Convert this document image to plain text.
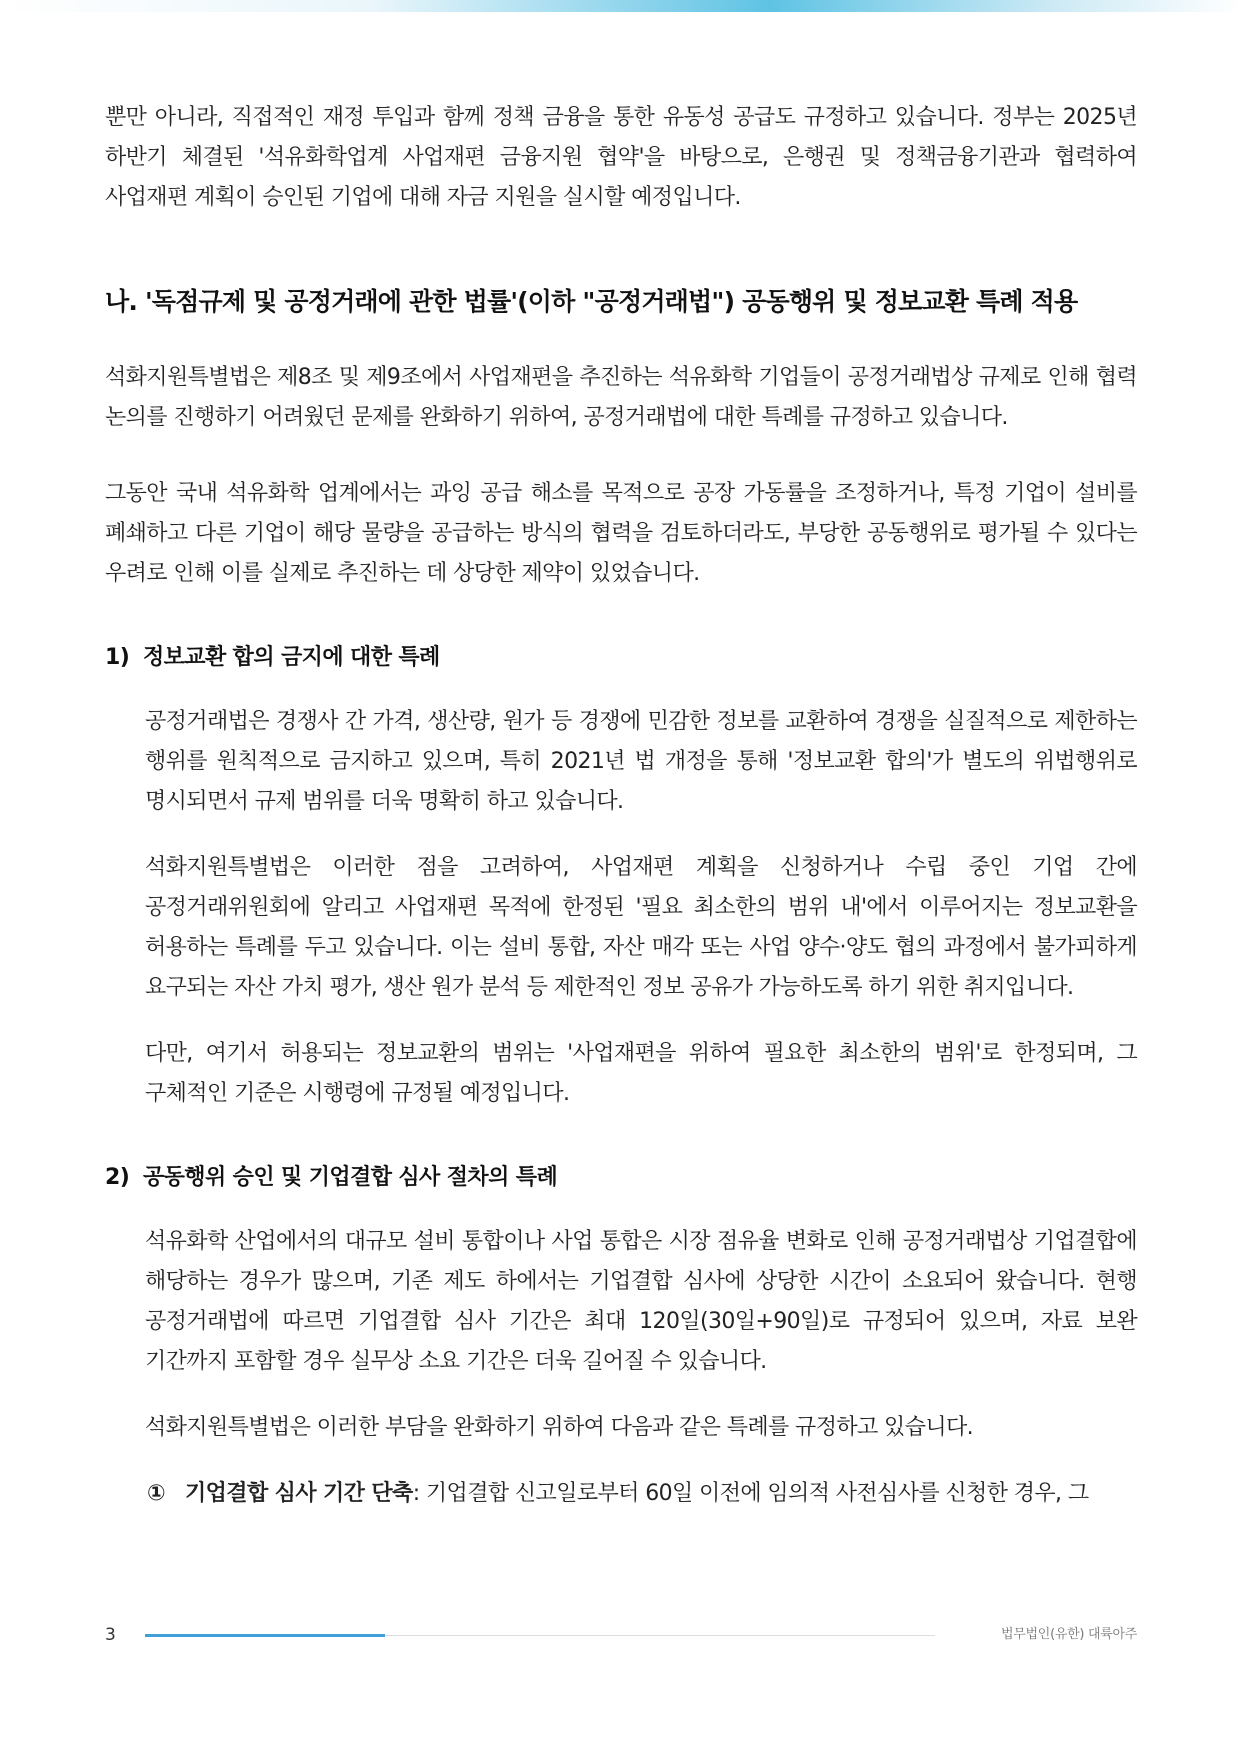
뿐만 아니라, 직접적인 재정 투입과 함께 정책 금융을 통한 유동성 공급도 규정하고 있습니다. 정부는 2025년 하반기 체결된 '석유화학업계 사업재편 금융지원 협약'을 바탕으로, 은행권 및 정책금융기관과 협력하여 사업재편 계획이 승인된 기업에 대해 자금 지원을 실시할 예정입니다.

나. '독점규제 및 공정거래에 관한 법률'(이하 "공정거래법") 공동행위 및 정보교환 특례 적용

석화지원특별법은 제8조 및 제9조에서 사업재편을 추진하는 석유화학 기업들이 공정거래법상 규제로 인해 협력 논의를 진행하기 어려웠던 문제를 완화하기 위하여, 공정거래법에 대한 특례를 규정하고 있습니다.

그동안 국내 석유화학 업계에서는 과잉 공급 해소를 목적으로 공장 가동률을 조정하거나, 특정 기업이 설비를 폐쇄하고 다른 기업이 해당 물량을 공급하는 방식의 협력을 검토하더라도, 부당한 공동행위로 평가될 수 있다는 우려로 인해 이를 실제로 추진하는 데 상당한 제약이 있었습니다.

1) 정보교환 합의 금지에 대한 특례

공정거래법은 경쟁사 간 가격, 생산량, 원가 등 경쟁에 민감한 정보를 교환하여 경쟁을 실질적으로 제한하는 행위를 원칙적으로 금지하고 있으며, 특히 2021년 법 개정을 통해 '정보교환 합의'가 별도의 위법행위로 명시되면서 규제 범위를 더욱 명확히 하고 있습니다.

석화지원특별법은 이러한 점을 고려하여, 사업재편 계획을 신청하거나 수립 중인 기업 간에 공정거래위원회에 알리고 사업재편 목적에 한정된 '필요 최소한의 범위 내'에서 이루어지는 정보교환을 허용하는 특례를 두고 있습니다. 이는 설비 통합, 자산 매각 또는 사업 양수·양도 협의 과정에서 불가피하게 요구되는 자산 가치 평가, 생산 원가 분석 등 제한적인 정보 공유가 가능하도록 하기 위한 취지입니다.

다만, 여기서 허용되는 정보교환의 범위는 '사업재편을 위하여 필요한 최소한의 범위'로 한정되며, 그 구체적인 기준은 시행령에 규정될 예정입니다.

2) 공동행위 승인 및 기업결합 심사 절차의 특례

석유화학 산업에서의 대규모 설비 통합이나 사업 통합은 시장 점유율 변화로 인해 공정거래법상 기업결합에 해당하는 경우가 많으며, 기존 제도 하에서는 기업결합 심사에 상당한 시간이 소요되어 왔습니다. 현행 공정거래법에 따르면 기업결합 심사 기간은 최대 120일(30일+90일)로 규정되어 있으며, 자료 보완 기간까지 포함할 경우 실무상 소요 기간은 더욱 길어질 수 있습니다.

석화지원특별법은 이러한 부담을 완화하기 위하여 다음과 같은 특례를 규정하고 있습니다.

① 기업결합 심사 기간 단축: 기업결합 신고일로부터 60일 이전에 임의적 사전심사를 신청한 경우, 그

3	법무법인(유한) 대륙아주
